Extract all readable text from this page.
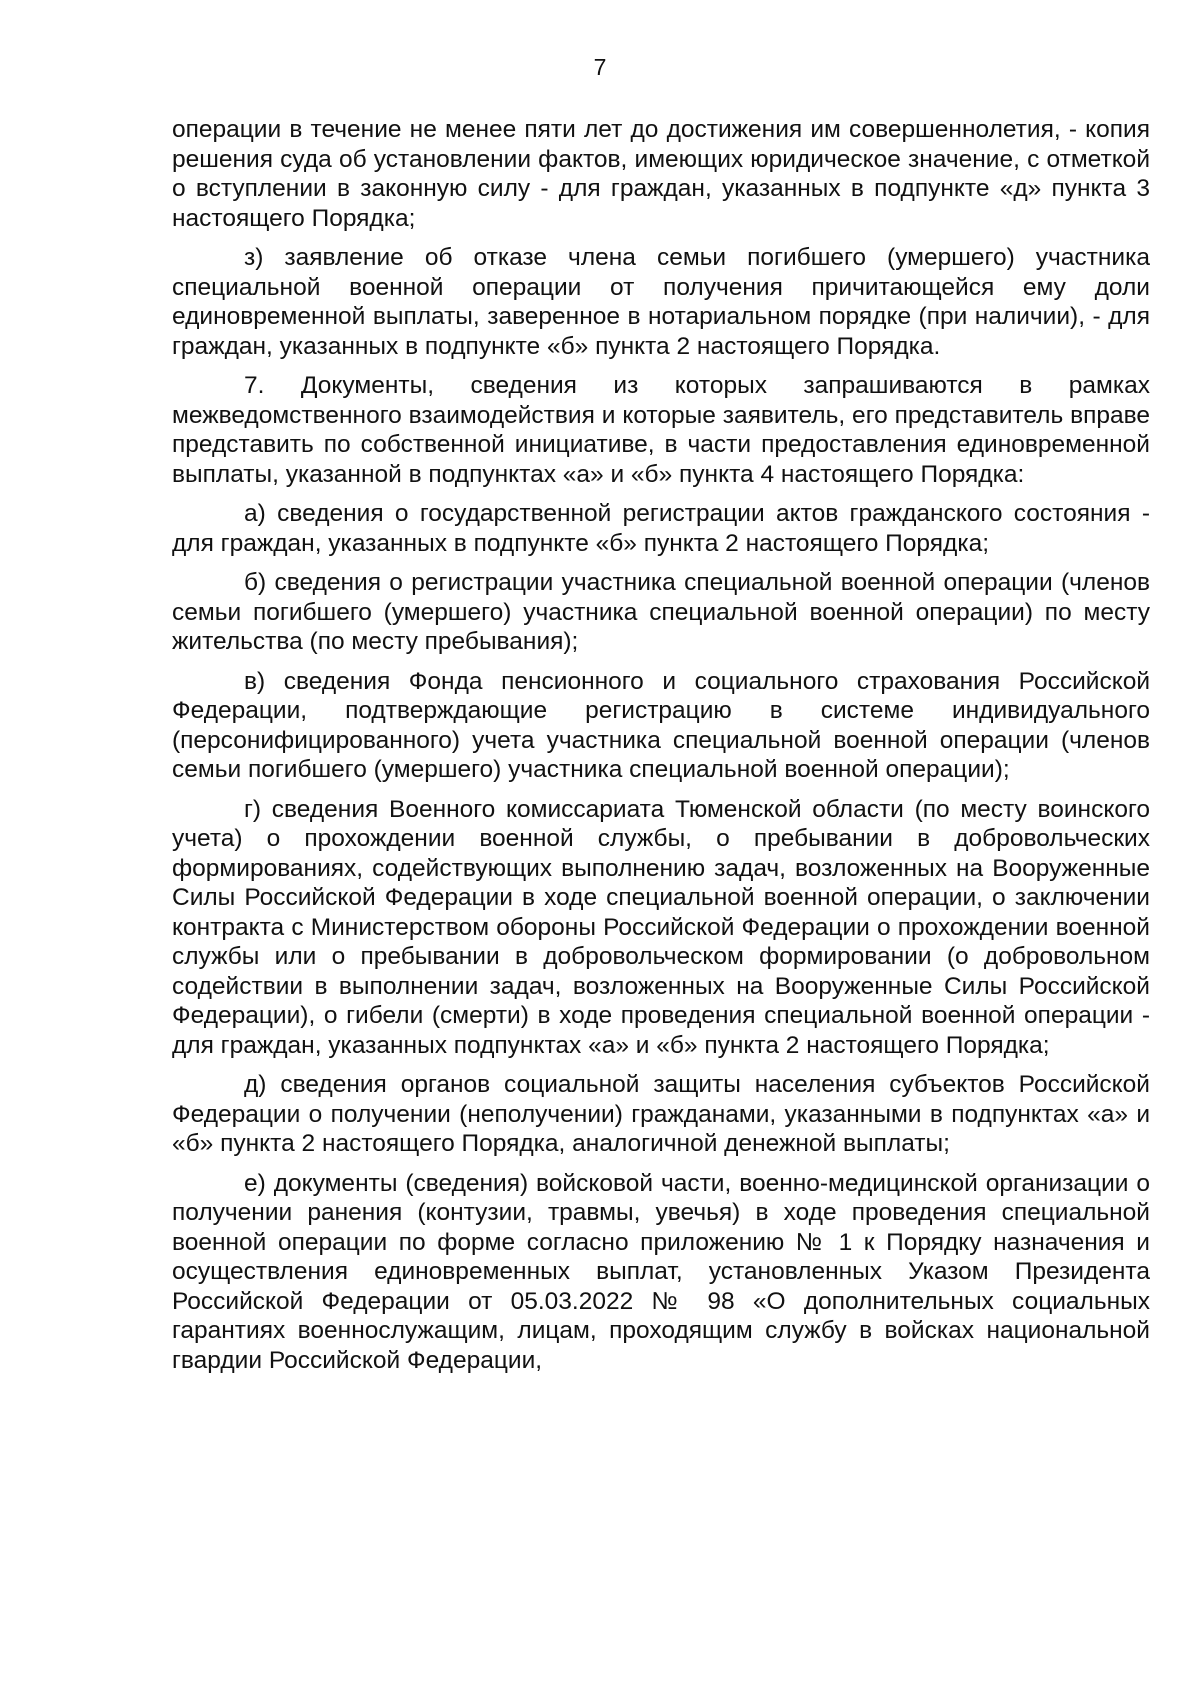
7

операции в течение не менее пяти лет до достижения им совершеннолетия, - копия решения суда об установлении фактов, имеющих юридическое значение, с отметкой о вступлении в законную силу - для граждан, указанных в подпункте «д» пункта 3 настоящего Порядка;

з) заявление об отказе члена семьи погибшего (умершего) участника специальной военной операции от получения причитающейся ему доли единовременной выплаты, заверенное в нотариальном порядке (при наличии), - для граждан, указанных в подпункте «б» пункта 2 настоящего Порядка.

7. Документы, сведения из которых запрашиваются в рамках межведомственного взаимодействия и которые заявитель, его представитель вправе представить по собственной инициативе, в части предоставления единовременной выплаты, указанной в подпунктах «а» и «б» пункта 4 настоящего Порядка:

а) сведения о государственной регистрации актов гражданского состояния - для граждан, указанных в подпункте «б» пункта 2 настоящего Порядка;

б) сведения о регистрации участника специальной военной операции (членов семьи погибшего (умершего) участника специальной военной операции) по месту жительства (по месту пребывания);

в) сведения Фонда пенсионного и социального страхования Российской Федерации, подтверждающие регистрацию в системе индивидуального (персонифицированного) учета участника специальной военной операции (членов семьи погибшего (умершего) участника специальной военной операции);

г) сведения Военного комиссариата Тюменской области (по месту воинского учета) о прохождении военной службы, о пребывании в добровольческих формированиях, содействующих выполнению задач, возложенных на Вооруженные Силы Российской Федерации в ходе специальной военной операции, о заключении контракта с Министерством обороны Российской Федерации о прохождении военной службы или о пребывании в добровольческом формировании (о добровольном содействии в выполнении задач, возложенных на Вооруженные Силы Российской Федерации), о гибели (смерти) в ходе проведения специальной военной операции - для граждан, указанных подпунктах «а» и «б» пункта 2 настоящего Порядка;

д) сведения органов социальной защиты населения субъектов Российской Федерации о получении (неполучении) гражданами, указанными в подпунктах «а» и «б» пункта 2 настоящего Порядка, аналогичной денежной выплаты;

е) документы (сведения) войсковой части, военно-медицинской организации о получении ранения (контузии, травмы, увечья) в ходе проведения специальной военной операции по форме согласно приложению № 1 к Порядку назначения и осуществления единовременных выплат, установленных Указом Президента Российской Федерации от 05.03.2022 № 98 «О дополнительных социальных гарантиях военнослужащим, лицам, проходящим службу в войсках национальной гвардии Российской Федерации,
